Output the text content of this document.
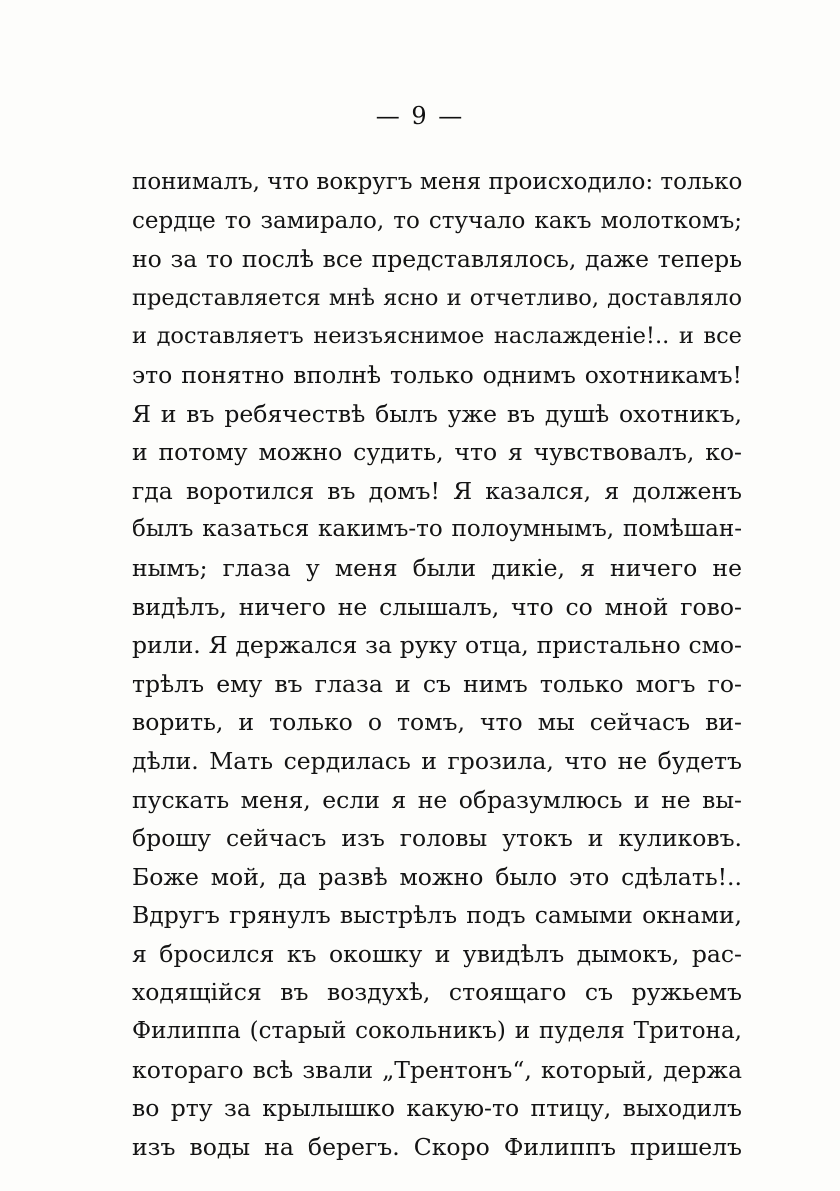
— 9 —
понималъ, что вокругъ меня происходило: только
сердце то замирало, то стучало какъ молоткомъ;
но за то послѣ все представлялось, даже теперь
представляется мнѣ ясно и отчетливо, доставляло
и доставляетъ неизъяснимое наслажденіе!.. и все
это понятно вполнѣ только однимъ охотникамъ!
Я и въ ребячествѣ былъ уже въ душѣ охотникъ,
и потому можно судить, что я чувствовалъ, ко-
гда воротился въ домъ! Я казался, я долженъ
былъ казаться какимъ-то полоумнымъ, помѣшан-
нымъ; глаза у меня были дикіе, я ничего не
видѣлъ, ничего не слышалъ, что со мной гово-
рили. Я держался за руку отца, пристально смо-
трѣлъ ему въ глаза и съ нимъ только могъ го-
ворить, и только о томъ, что мы сейчасъ ви-
дѣли. Мать сердилась и грозила, что не будетъ
пускать меня, если я не образумлюсь и не вы-
брошу сейчасъ изъ головы утокъ и куликовъ.
Боже мой, да развѣ можно было это сдѣлать!..
Вдругъ грянулъ выстрѣлъ подъ самыми окнами,
я бросился къ окошку и увидѣлъ дымокъ, рас-
ходящійся въ воздухѣ, стоящаго съ ружьемъ
Филиппа (старый сокольникъ) и пуделя Тритона,
котораго всѣ звали „Трентонъ“, который, держа
во рту за крылышко какую-то птицу, выходилъ
изъ воды на берегъ. Скоро Филиппъ пришелъ
